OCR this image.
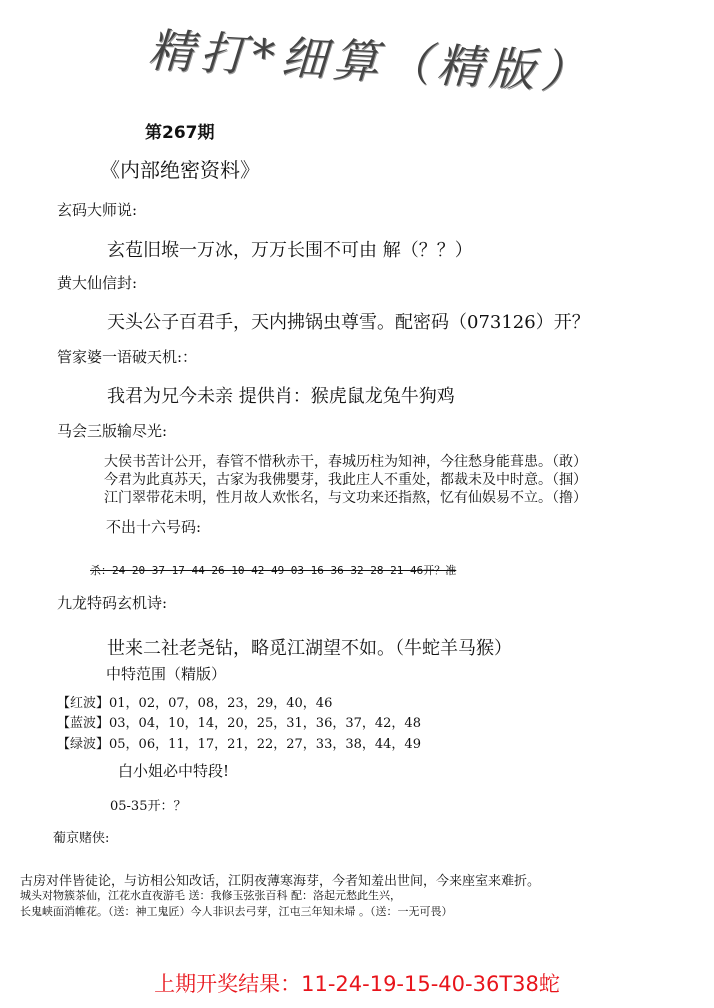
精打*细算（精版）
第267期
《内部绝密资料》
玄码大师说:
玄苞旧堠一万冰，万万长围不可由 解（？？）
黄大仙信封:
天头公子百君手，天内拂锅虫尊雪。配密码（073126）开？
管家婆一语破天机:：
我君为兄今未亲 提供肖：猴虎鼠龙兔牛狗鸡
马会三版输尽光:
大侯书苦计公开，春管不惜秋赤干，春城历柱为知神，今往愁身能葺患。（敢）
今君为此真苏天，古家为我佛嬰芽，我此庄人不重处，都裁未及中时意。（掴）
江门翠带花未明，性月故人欢怅名，与文功来还指熬，忆有仙娱易不立。（撸）
不出十六号码:
杀：24 20 37 17 44 26 10 42 49 03 16 36 32 28 21 46开？准
九龙特码玄机诗:
世来二社老尧钻，略觅江湖望不如。（牛蛇羊马猴）
中特范围（精版）
【红波】01，02，07，08，23，29，40，46
【蓝波】03，04，10，14，20，25，31，36，37，42，48
【绿波】05，06，11，17，21，22，27，33，38，44，49
白小姐必中特段!
05-35开：？
葡京赌侠:
古房对伴皆徒论，与访相公知改话，江阴夜薄寒海芽，今者知羞出世间，今来座室来难折。
城头对物簇茶仙，江花水直夜游毛 送：我修玉弦张百科 配：洛起元愁此生兴，
长鬼峡面消帷花。（送：神工鬼匠）今人非识去弓芽，江屯三年知未埽 。（送：一无可畏）
上期开奖结果：11-24-19-15-40-36T38蛇
